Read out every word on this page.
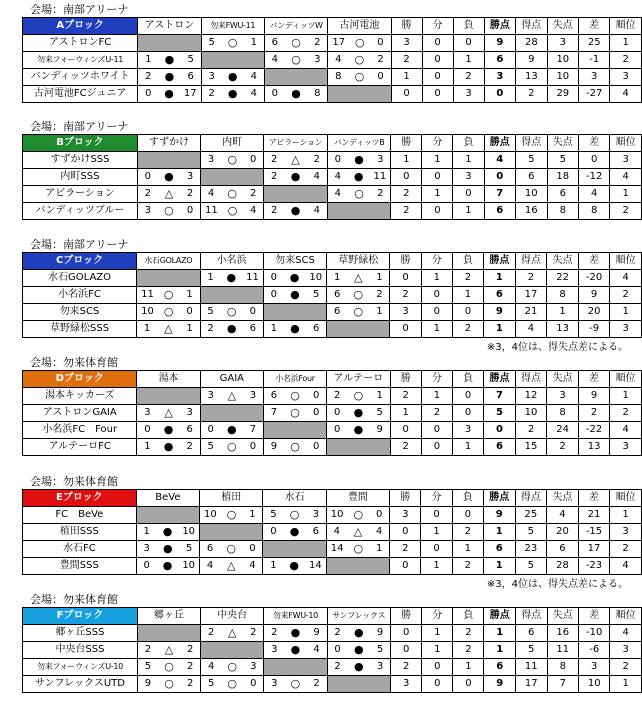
会場：南部アリーナ
Aブロック	アストロン	勿来FWU-11	バンディッツW	古河電池	勝	分	負	勝点	得点	失点	差	順位
アストロンFC		5 ○ 1	6 ○ 2	17 ○ 0	3	0	0	9	28	3	25	1
勿来フォーウィンズU-11	1 ● 5		4 ○ 3	4 ○ 2	2	0	1	6	9	10	-1	2
バンディッツホワイト	2 ● 6	3 ● 4		8 ○ 0	1	0	2	3	13	10	3	3
古河電池FCジュニア	0 ● 17	2 ● 4	0 ● 8		0	0	3	0	2	29	-27	4
会場：南部アリーナ
Bブロック	すずかけ	内町	アビラーション	バンディッツB	勝	分	負	勝点	得点	失点	差	順位
すずかけSSS		3 ○ 0	2 △ 2	0 ● 3	1	1	1	4	5	5	0	3
内町SSS	0 ● 3		2 ● 4	4 ● 11	0	0	3	0	6	18	-12	4
アビラーション	2 △ 2	4 ○ 2		4 ○ 2	2	1	0	7	10	6	4	1
バンディッツブルー	3 ○ 0	11 ○ 4	2 ● 4		2	0	1	6	16	8	8	2
会場：南部アリーナ
Cブロック	水石GOLAZO	小名浜	勿来SCS	草野緑松	勝	分	負	勝点	得点	失点	差	順位
水石GOLAZO		1 ● 11	0 ● 10	1 △ 1	0	1	2	1	2	22	-20	4
小名浜FC	11 ○ 1		0 ● 5	6 ○ 2	2	0	1	6	17	8	9	2
勿来SCS	10 ○ 0	5 ○ 0		6 ○ 1	3	0	0	9	21	1	20	1
草野緑松SSS	1 △ 1	2 ● 6	1 ● 6		0	1	2	1	4	13	-9	3
※3，4位は、得失点差による。
会場：勿来体育館
Dブロック	湯本	GAIA	小名浜Four	アルテーロ	勝	分	負	勝点	得点	失点	差	順位
湯本キッカーズ		3 △ 3	6 ○ 0	2 ○ 1	2	1	0	7	12	3	9	1
アストロンGAIA	3 △ 3		7 ○ 0	0 ● 5	1	2	0	5	10	8	2	2
小名浜FC　Four	0 ● 6	0 ● 7		0 ● 9	0	0	3	0	2	24	-22	4
アルテーロFC	1 ● 2	5 ○ 0	9 ○ 0		2	0	1	6	15	2	13	3
会場：勿来体育館
Eブロック	BeVe	植田	水石	豊間	勝	分	負	勝点	得点	失点	差	順位
FC　BeVe		10 ○ 1	5 ○ 3	10 ○ 0	3	0	0	9	25	4	21	1
植田SSS	1 ● 10		0 ● 6	4 △ 4	0	1	2	1	5	20	-15	3
水石FC	3 ● 5	6 ○ 0		14 ○ 1	2	0	1	6	23	6	17	2
豊間SSS	0 ● 10	4 △ 4	1 ● 14		0	1	2	1	5	28	-23	4
※3，4位は、得失点差による。
会場：勿来体育館
Fブロック	郷ヶ丘	中央台	勿来FWU-10	サンフレックス	勝	分	負	勝点	得点	失点	差	順位
郷ヶ丘SSS		2 △ 2	2 ● 9	2 ● 9	0	1	2	1	6	16	-10	4
中央台SSS	2 △ 2		3 ● 4	0 ● 5	0	1	2	1	5	11	-6	3
勿来フォーウィンズU-10	5 ○ 2	4 ○ 3		2 ● 3	2	0	1	6	11	8	3	2
サンフレックスUTD	9 ○ 2	5 ○ 0	3 ○ 2		3	0	0	9	17	7	10	1
